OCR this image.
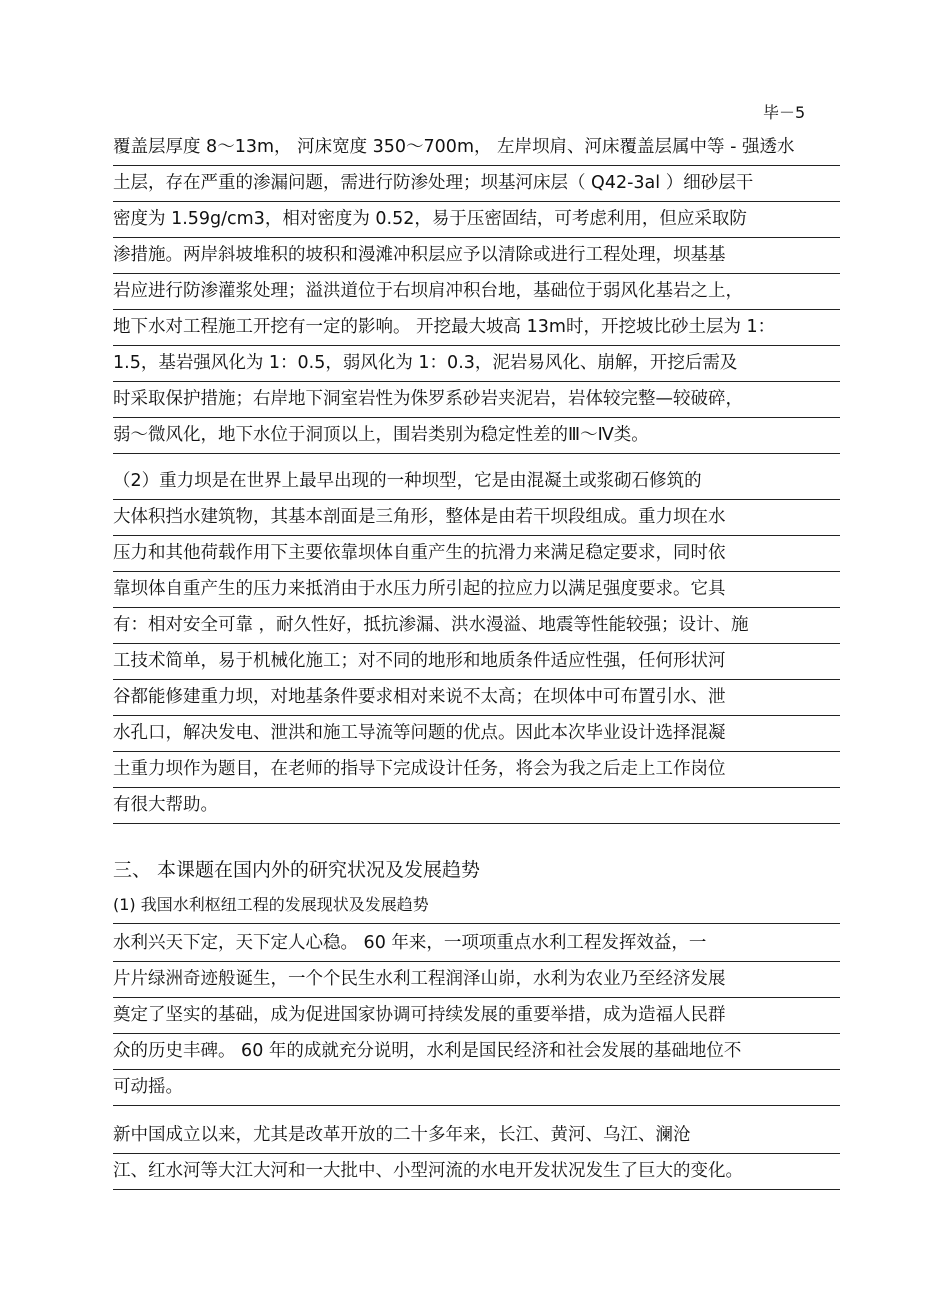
毕－5
覆盖层厚度 8～13m， 河床宽度 350～700m， 左岸坝肩、河床覆盖层属中等 - 强透水
土层，存在严重的渗漏问题，需进行防渗处理；坝基河床层（ Q42-3al ）细砂层干
密度为 1.59g/cm3，相对密度为 0.52，易于压密固结，可考虑利用，但应采取防
渗措施。两岸斜坡堆积的坡积和漫滩冲积层应予以清除或进行工程处理，坝基基
岩应进行防渗灌浆处理；溢洪道位于右坝肩冲积台地，基础位于弱风化基岩之上，
地下水对工程施工开挖有一定的影响。 开挖最大坡高 13m时，开挖坡比砂土层为 1：
1.5，基岩强风化为 1：0.5，弱风化为 1：0.3，泥岩易风化、崩解，开挖后需及
时采取保护措施；右岸地下洞室岩性为侏罗系砂岩夹泥岩，岩体较完整—较破碎，
弱～微风化，地下水位于洞顶以上，围岩类别为稳定性差的Ⅲ～Ⅳ类。
（2）重力坝是在世界上最早出现的一种坝型，它是由混凝土或浆砌石修筑的
大体积挡水建筑物，其基本剖面是三角形，整体是由若干坝段组成。重力坝在水
压力和其他荷载作用下主要依靠坝体自重产生的抗滑力来满足稳定要求，同时依
靠坝体自重产生的压力来抵消由于水压力所引起的拉应力以满足强度要求。它具
有：相对安全可靠 ，耐久性好，抵抗渗漏、洪水漫溢、地震等性能较强；设计、施
工技术简单，易于机械化施工；对不同的地形和地质条件适应性强，任何形状河
谷都能修建重力坝，对地基条件要求相对来说不太高；在坝体中可布置引水、泄
水孔口，解决发电、泄洪和施工导流等问题的优点。因此本次毕业设计选择混凝
土重力坝作为题目，在老师的指导下完成设计任务，将会为我之后走上工作岗位
有很大帮助。
三、 本课题在国内外的研究状况及发展趋势
(1) 我国水利枢纽工程的发展现状及发展趋势
水利兴天下定，天下定人心稳。 60 年来，一项项重点水利工程发挥效益，一
片片绿洲奇迹般诞生，一个个民生水利工程润泽山峁，水利为农业乃至经济发展
奠定了坚实的基础，成为促进国家协调可持续发展的重要举措，成为造福人民群
众的历史丰碑。 60 年的成就充分说明，水利是国民经济和社会发展的基础地位不
可动摇。
新中国成立以来，尤其是改革开放的二十多年来，长江、黄河、乌江、澜沧
江、红水河等大江大河和一大批中、小型河流的水电开发状况发生了巨大的变化。
